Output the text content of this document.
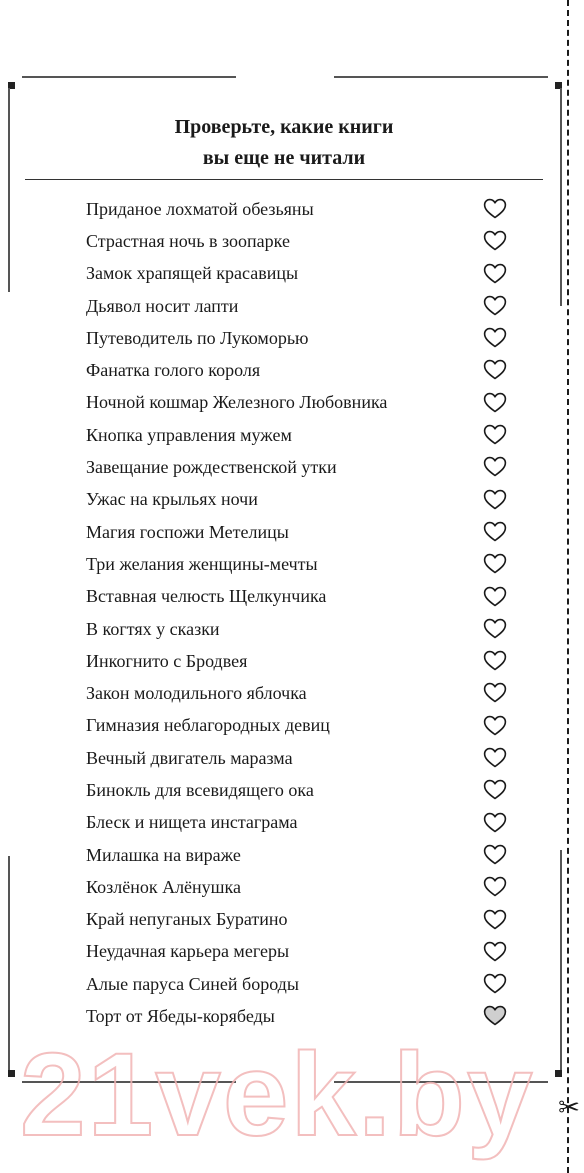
✂
Проверьте, какие книги
вы еще не читали
Приданое лохматой обезьяны
Страстная ночь в зоопарке
Замок храпящей красавицы
Дьявол носит лапти
Путеводитель по Лукоморью
Фанатка голого короля
Ночной кошмар Железного Любовника
Кнопка управления мужем
Завещание рождественской утки
Ужас на крыльях ночи
Магия госпожи Метелицы
Три желания женщины-мечты
Вставная челюсть Щелкунчика
В когтях у сказки
Инкогнито с Бродвея
Закон молодильного яблочка
Гимназия неблагородных девиц
Вечный двигатель маразма
Бинокль для всевидящего ока
Блеск и нищета инстаграма
Милашка на вираже
Козлёнок Алёнушка
Край непуганых Буратино
Неудачная карьера мегеры
Алые паруса Синей бороды
Торт от Ябеды-корябеды
21vek.by
